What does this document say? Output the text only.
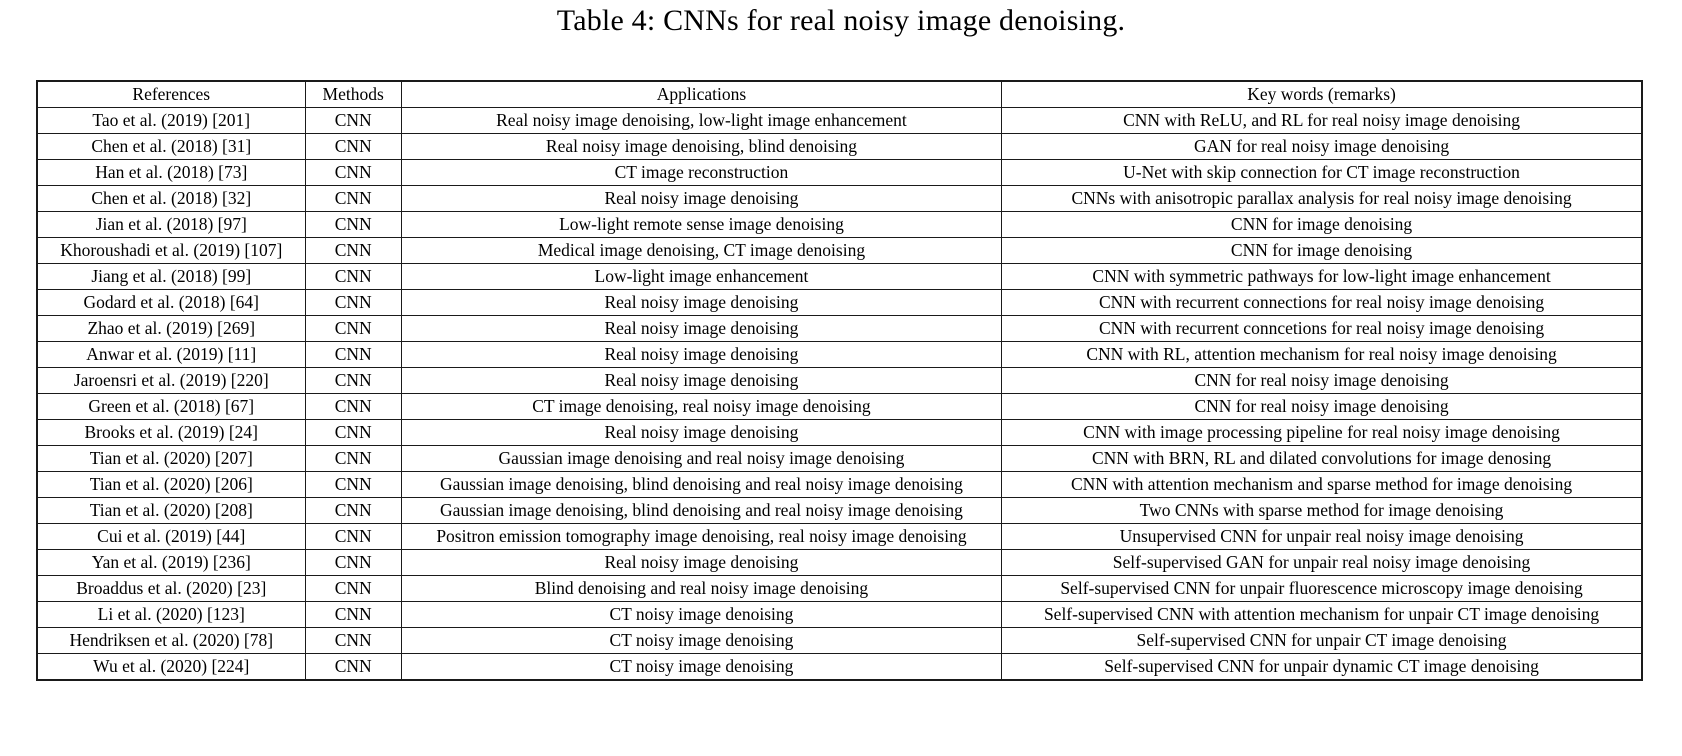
Table 4: CNNs for real noisy image denoising.
References	Methods	Applications	Key words (remarks)
Tao et al. (2019) [201]	CNN	Real noisy image denoising, low-light image enhancement	CNN with ReLU, and RL for real noisy image denoising
Chen et al. (2018) [31]	CNN	Real noisy image denoising, blind denoising	GAN for real noisy image denoising
Han et al. (2018) [73]	CNN	CT image reconstruction	U-Net with skip connection for CT image reconstruction
Chen et al. (2018) [32]	CNN	Real noisy image denoising	CNNs with anisotropic parallax analysis for real noisy image denoising
Jian et al. (2018) [97]	CNN	Low-light remote sense image denoising	CNN for image denoising
Khoroushadi et al. (2019) [107]	CNN	Medical image denoising, CT image denoising	CNN for image denoising
Jiang et al. (2018) [99]	CNN	Low-light image enhancement	CNN with symmetric pathways for low-light image enhancement
Godard et al. (2018) [64]	CNN	Real noisy image denoising	CNN with recurrent connections for real noisy image denoising
Zhao et al. (2019) [269]	CNN	Real noisy image denoising	CNN with recurrent conncetions for real noisy image denoising
Anwar et al. (2019) [11]	CNN	Real noisy image denoising	CNN with RL, attention mechanism for real noisy image denoising
Jaroensri et al. (2019) [220]	CNN	Real noisy image denoising	CNN for real noisy image denoising
Green et al. (2018) [67]	CNN	CT image denoising, real noisy image denoising	CNN for real noisy image denoising
Brooks et al. (2019) [24]	CNN	Real noisy image denoising	CNN with image processing pipeline for real noisy image denoising
Tian et al. (2020) [207]	CNN	Gaussian image denoising and real noisy image denoising	CNN with BRN, RL and dilated convolutions for image denosing
Tian et al. (2020) [206]	CNN	Gaussian image denoising, blind denoising and real noisy image denoising	CNN with attention mechanism and sparse method for image denoising
Tian et al. (2020) [208]	CNN	Gaussian image denoising, blind denoising and real noisy image denoising	Two CNNs with sparse method for image denoising
Cui et al. (2019) [44]	CNN	Positron emission tomography image denoising, real noisy image denoising	Unsupervised CNN for unpair real noisy image denoising
Yan et al. (2019) [236]	CNN	Real noisy image denoising	Self-supervised GAN for unpair real noisy image denoising
Broaddus et al. (2020) [23]	CNN	Blind denoising and real noisy image denoising	Self-supervised CNN for unpair fluorescence microscopy image denoising
Li et al. (2020) [123]	CNN	CT noisy image denoising	Self-supervised CNN with attention mechanism for unpair CT image denoising
Hendriksen et al. (2020) [78]	CNN	CT noisy image denoising	Self-supervised CNN for unpair CT image denoising
Wu et al. (2020) [224]	CNN	CT noisy image denoising	Self-supervised CNN for unpair dynamic CT image denoising
